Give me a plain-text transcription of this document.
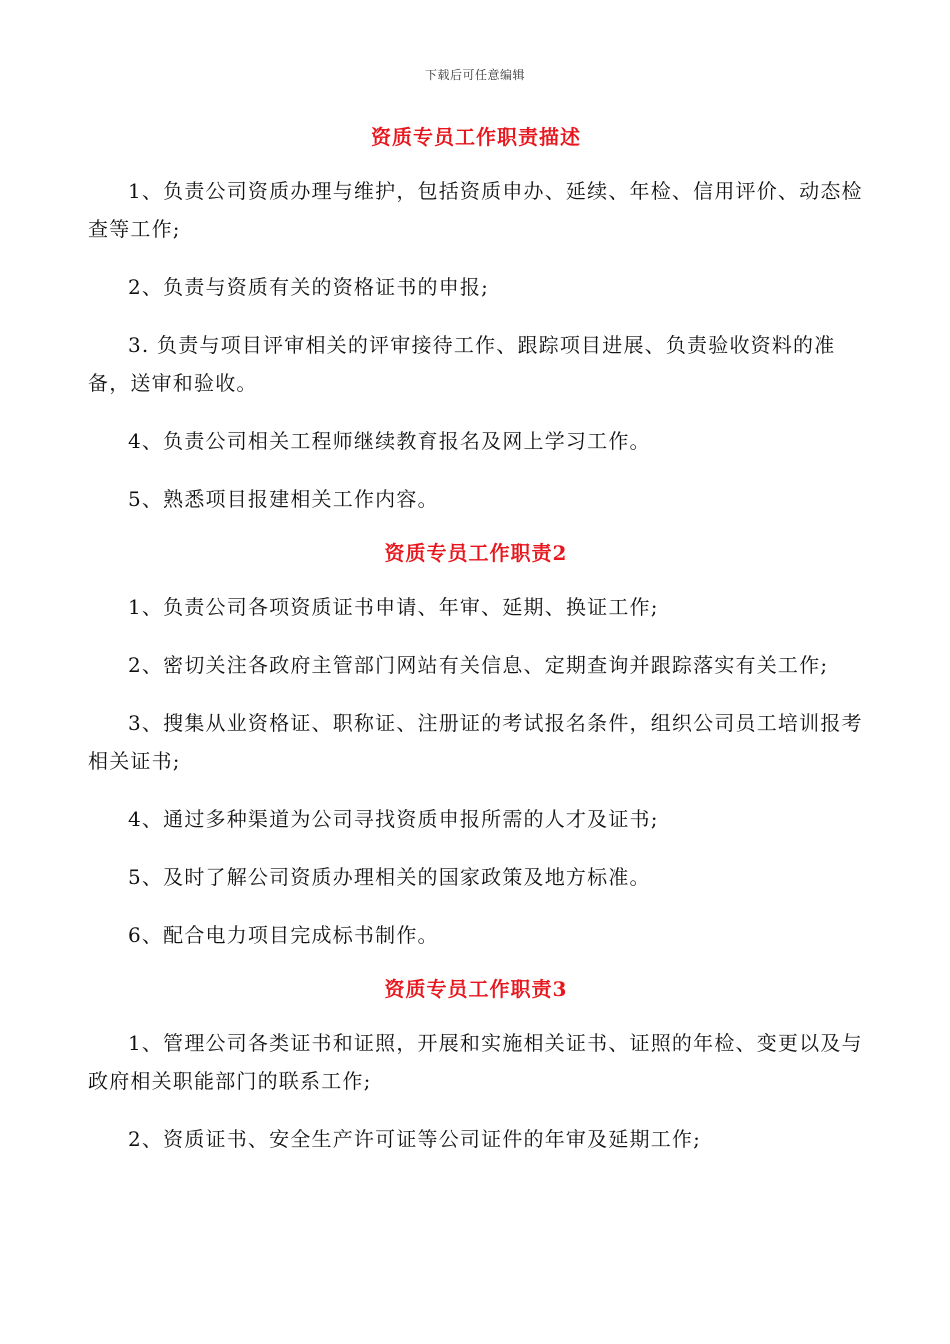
下载后可任意编辑
资质专员工作职责描述

1、负责公司资质办理与维护，包括资质申办、延续、年检、信用评价、动态检查等工作;

2、负责与资质有关的资格证书的申报;

3. 负责与项目评审相关的评审接待工作、跟踪项目进展、负责验收资料的准备，送审和验收。

4、负责公司相关工程师继续教育报名及网上学习工作。

5、熟悉项目报建相关工作内容。

资质专员工作职责2

1、负责公司各项资质证书申请、年审、延期、换证工作;

2、密切关注各政府主管部门网站有关信息、定期查询并跟踪落实有关工作;

3、搜集从业资格证、职称证、注册证的考试报名条件，组织公司员工培训报考相关证书;

4、通过多种渠道为公司寻找资质申报所需的人才及证书;

5、及时了解公司资质办理相关的国家政策及地方标准。

6、配合电力项目完成标书制作。

资质专员工作职责3

1、管理公司各类证书和证照，开展和实施相关证书、证照的年检、变更以及与政府相关职能部门的联系工作;

2、资质证书、安全生产许可证等公司证件的年审及延期工作;
